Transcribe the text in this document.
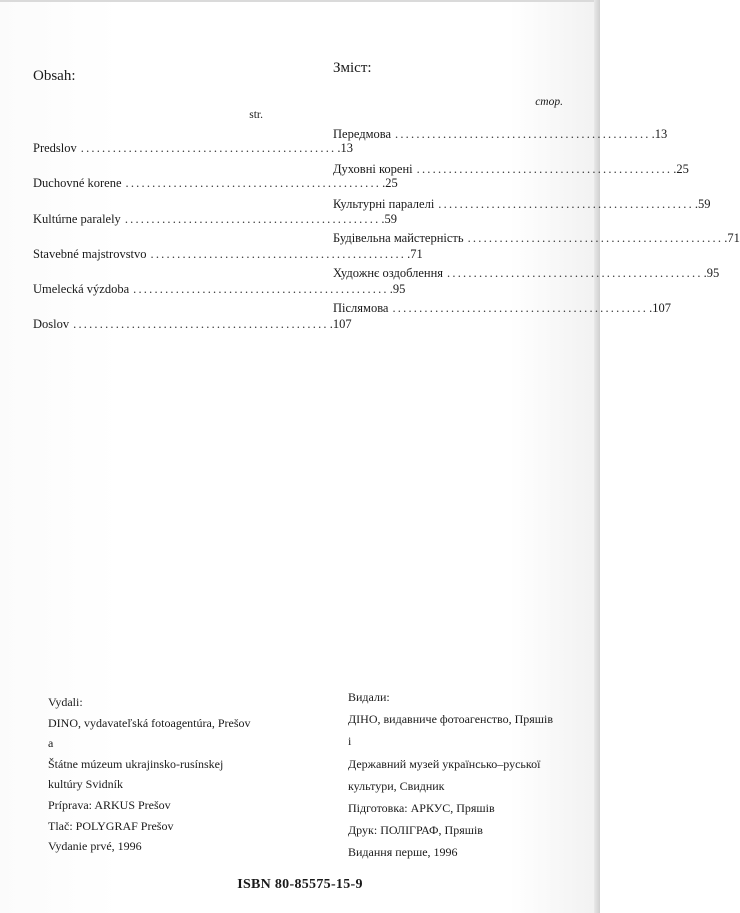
Obsah:
str.
Predslov ................................................ .13
Duchovné korene ................................................ .25
Kultúrne paralely ................................................ .59
Stavebné majstrovstvo ................................................ .71
Umelecká výzdoba ................................................ .95
Doslov ................................................ .107
Зміст:
стор.
Передмова ................................................ .13
Духовні корені ................................................ .25
Культурні паралелі ................................................ .59
Будівельна майстерність ................................................ .71
Художнє оздоблення ................................................ .95
Післямова ................................................ .107
Vydali:
DINO, vydavateľská fotoagentúra, Prešov
a
Štátne múzeum ukrajinsko-rusínskej
kultúry Svidník
Príprava: ARKUS Prešov
Tlač: POLYGRAF Prešov
Vydanie prvé, 1996
Видали:
ДІНО, видавниче фотоагенство, Пряшів
і
Державний музей українсько–руської
культури, Свидник
Підготовка: АРКУС, Пряшів
Друк: ПОЛІГРАФ, Пряшів
Видання перше, 1996
ISBN 80-85575-15-9
